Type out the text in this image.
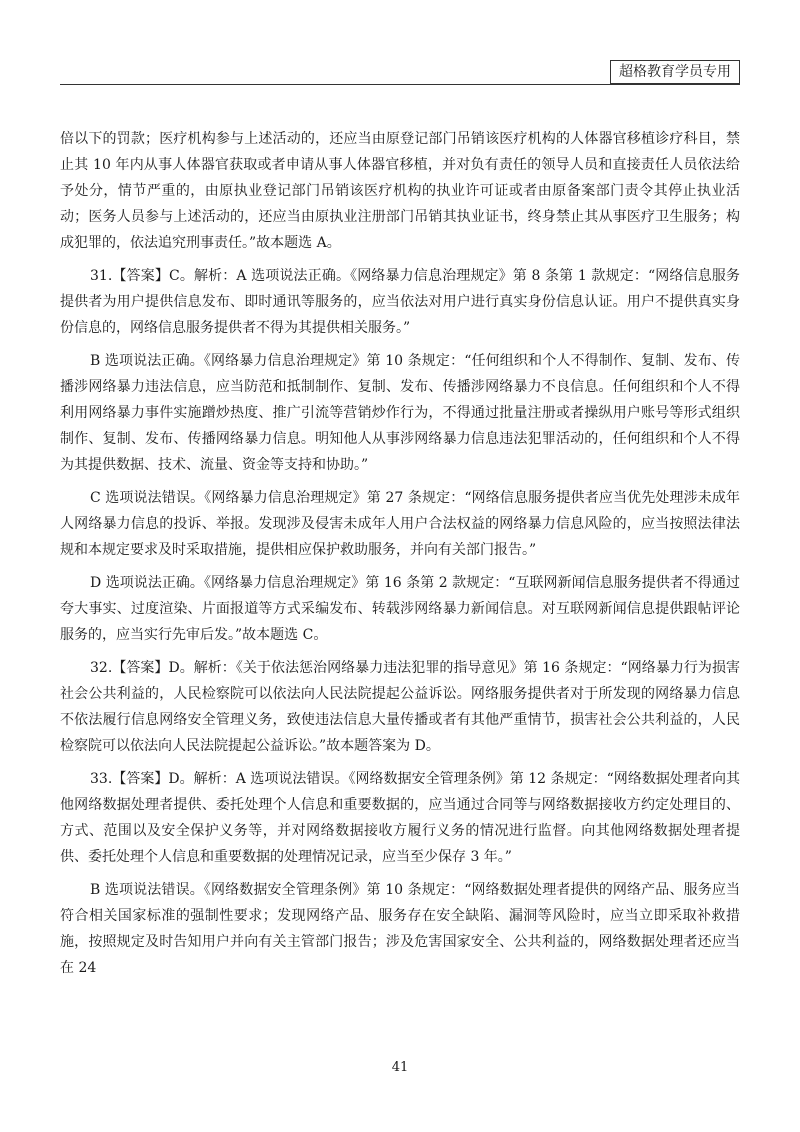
超格教育学员专用

倍以下的罚款；医疗机构参与上述活动的，还应当由原登记部门吊销该医疗机构的人体器官移植诊疗科目，禁止其 10 年内从事人体器官获取或者申请从事人体器官移植，并对负有责任的领导人员和直接责任人员依法给予处分，情节严重的，由原执业登记部门吊销该医疗机构的执业许可证或者由原备案部门责令其停止执业活动；医务人员参与上述活动的，还应当由原执业注册部门吊销其执业证书，终身禁止其从事医疗卫生服务；构成犯罪的，依法追究刑事责任。”故本题选 A。

31.【答案】C。解析：A 选项说法正确。《网络暴力信息治理规定》第 8 条第 1 款规定：“网络信息服务提供者为用户提供信息发布、即时通讯等服务的，应当依法对用户进行真实身份信息认证。用户不提供真实身份信息的，网络信息服务提供者不得为其提供相关服务。”

B 选项说法正确。《网络暴力信息治理规定》第 10 条规定：“任何组织和个人不得制作、复制、发布、传播涉网络暴力违法信息，应当防范和抵制制作、复制、发布、传播涉网络暴力不良信息。任何组织和个人不得利用网络暴力事件实施蹭炒热度、推广引流等营销炒作行为，不得通过批量注册或者操纵用户账号等形式组织制作、复制、发布、传播网络暴力信息。明知他人从事涉网络暴力信息违法犯罪活动的，任何组织和个人不得为其提供数据、技术、流量、资金等支持和协助。”

C 选项说法错误。《网络暴力信息治理规定》第 27 条规定：“网络信息服务提供者应当优先处理涉未成年人网络暴力信息的投诉、举报。发现涉及侵害未成年人用户合法权益的网络暴力信息风险的，应当按照法律法规和本规定要求及时采取措施，提供相应保护救助服务，并向有关部门报告。”

D 选项说法正确。《网络暴力信息治理规定》第 16 条第 2 款规定：“互联网新闻信息服务提供者不得通过夸大事实、过度渲染、片面报道等方式采编发布、转载涉网络暴力新闻信息。对互联网新闻信息提供跟帖评论服务的，应当实行先审后发。”故本题选 C。

32.【答案】D。解析：《关于依法惩治网络暴力违法犯罪的指导意见》第 16 条规定：“网络暴力行为损害社会公共利益的，人民检察院可以依法向人民法院提起公益诉讼。网络服务提供者对于所发现的网络暴力信息不依法履行信息网络安全管理义务，致使违法信息大量传播或者有其他严重情节，损害社会公共利益的，人民检察院可以依法向人民法院提起公益诉讼。”故本题答案为 D。

33.【答案】D。解析：A 选项说法错误。《网络数据安全管理条例》第 12 条规定：“网络数据处理者向其他网络数据处理者提供、委托处理个人信息和重要数据的，应当通过合同等与网络数据接收方约定处理目的、方式、范围以及安全保护义务等，并对网络数据接收方履行义务的情况进行监督。向其他网络数据处理者提供、委托处理个人信息和重要数据的处理情况记录，应当至少保存 3 年。”

B 选项说法错误。《网络数据安全管理条例》第 10 条规定：“网络数据处理者提供的网络产品、服务应当符合相关国家标准的强制性要求；发现网络产品、服务存在安全缺陷、漏洞等风险时，应当立即采取补救措施，按照规定及时告知用户并向有关主管部门报告；涉及危害国家安全、公共利益的，网络数据处理者还应当在 24

41
